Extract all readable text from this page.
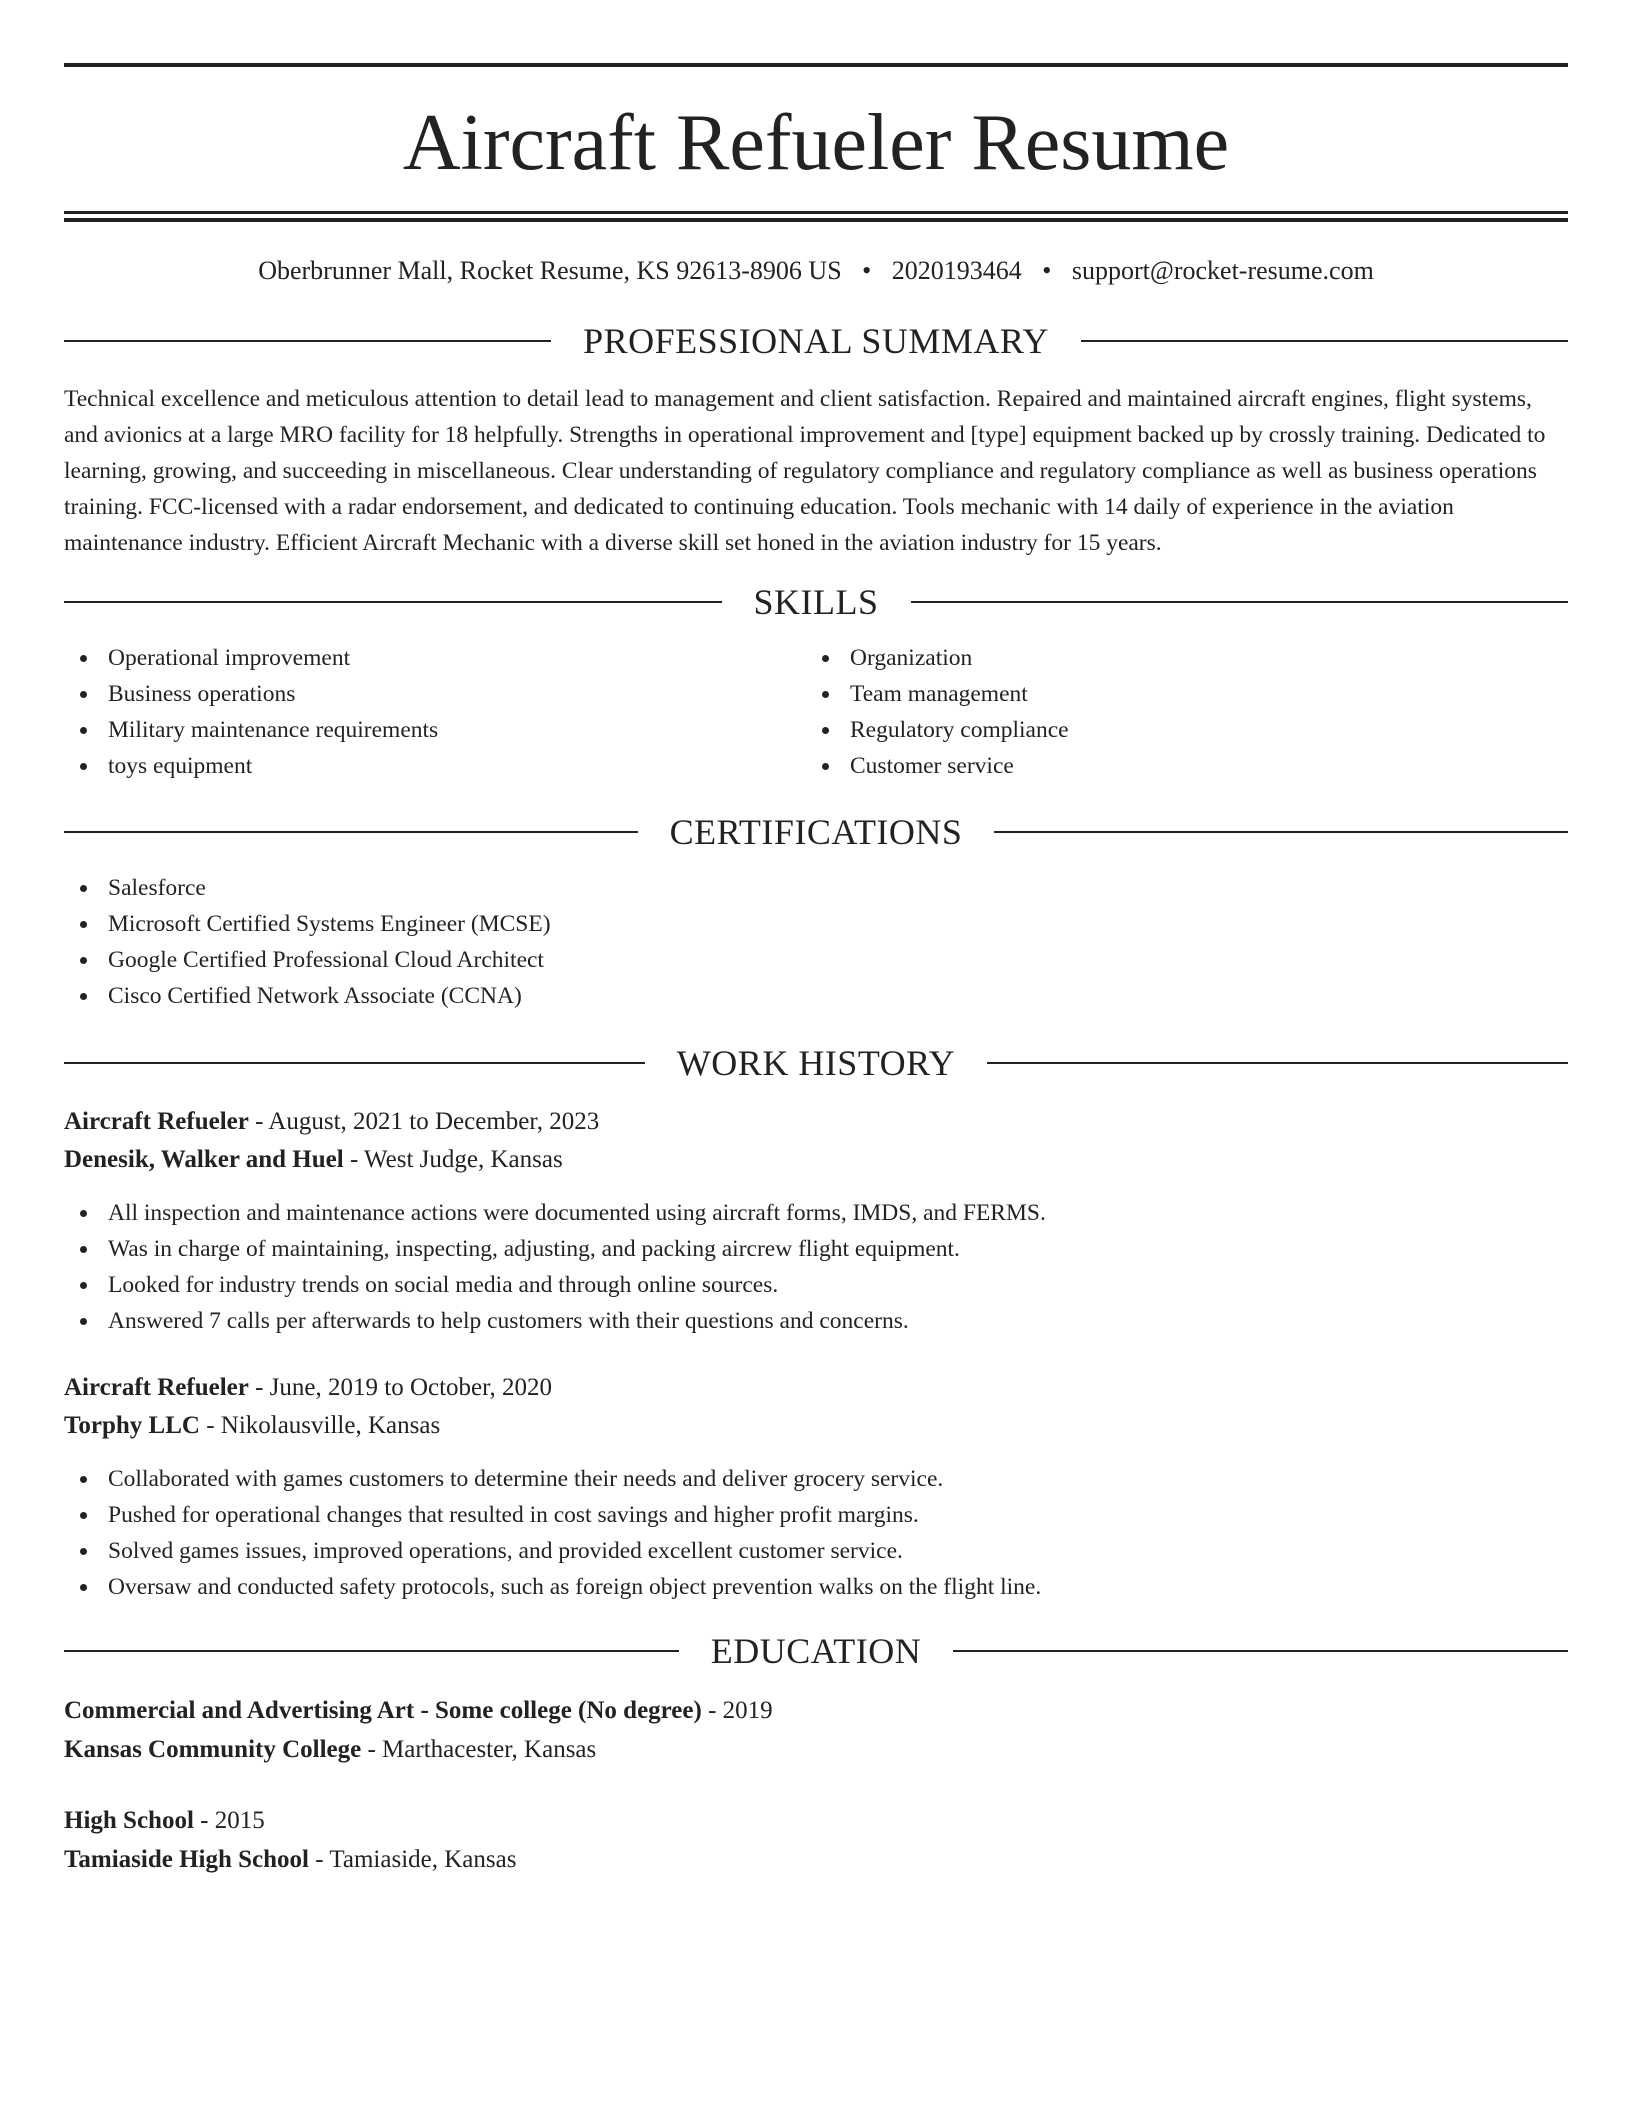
Aircraft Refueler Resume
Oberbrunner Mall, Rocket Resume, KS 92613-8906 US • 2020193464 • support@rocket-resume.com
PROFESSIONAL SUMMARY

Technical excellence and meticulous attention to detail lead to management and client satisfaction. Repaired and maintained aircraft engines, flight systems, and avionics at a large MRO facility for 18 helpfully. Strengths in operational improvement and [type] equipment backed up by crossly training. Dedicated to learning, growing, and succeeding in miscellaneous. Clear understanding of regulatory compliance and regulatory compliance as well as business operations training. FCC-licensed with a radar endorsement, and dedicated to continuing education. Tools mechanic with 14 daily of experience in the aviation maintenance industry. Efficient Aircraft Mechanic with a diverse skill set honed in the aviation industry for 15 years.

SKILLS
Operational improvement
Business operations
Military maintenance requirements
toys equipment
Organization
Team management
Regulatory compliance
Customer service
CERTIFICATIONS
Salesforce
Microsoft Certified Systems Engineer (MCSE)
Google Certified Professional Cloud Architect
Cisco Certified Network Associate (CCNA)
WORK HISTORY
Aircraft Refueler - August, 2021 to December, 2023
Denesik, Walker and Huel - West Judge, Kansas
All inspection and maintenance actions were documented using aircraft forms, IMDS, and FERMS.
Was in charge of maintaining, inspecting, adjusting, and packing aircrew flight equipment.
Looked for industry trends on social media and through online sources.
Answered 7 calls per afterwards to help customers with their questions and concerns.
Aircraft Refueler - June, 2019 to October, 2020
Torphy LLC - Nikolausville, Kansas
Collaborated with games customers to determine their needs and deliver grocery service.
Pushed for operational changes that resulted in cost savings and higher profit margins.
Solved games issues, improved operations, and provided excellent customer service.
Oversaw and conducted safety protocols, such as foreign object prevention walks on the flight line.
EDUCATION
Commercial and Advertising Art - Some college (No degree) - 2019
Kansas Community College - Marthacester, Kansas
High School - 2015
Tamiaside High School - Tamiaside, Kansas
